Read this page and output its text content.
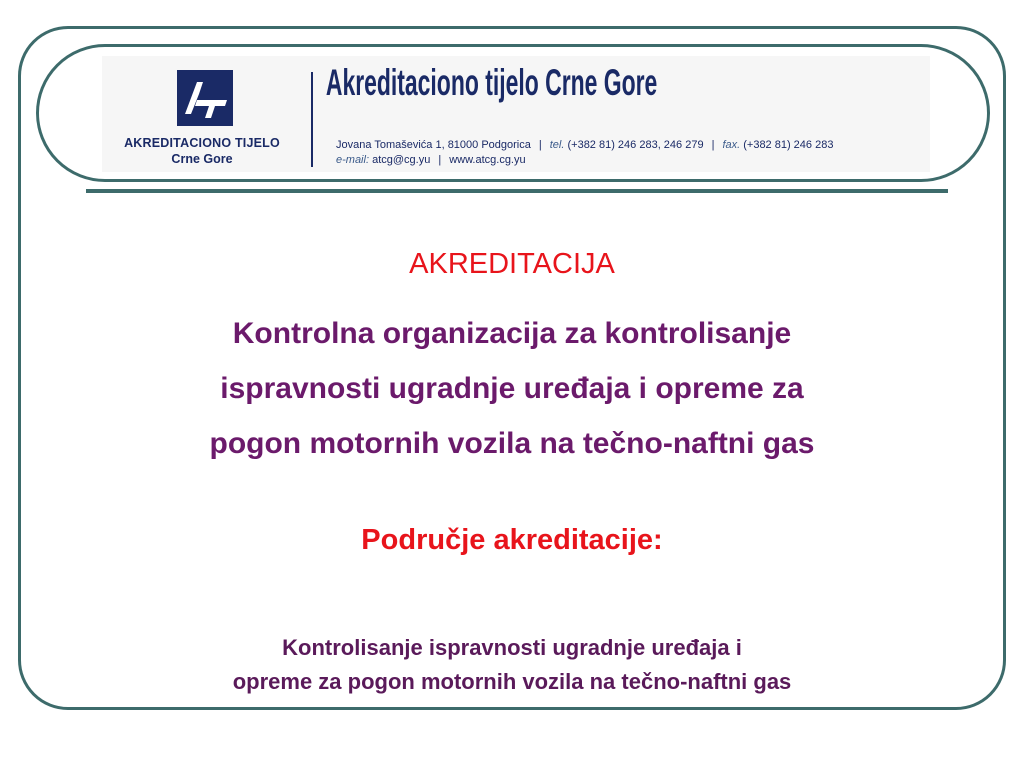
AKREDITACIONO TIJELO
Crne Gore
Akreditaciono tijelo Crne Gore
Jovana Tomaševića 1, 81000 Podgorica | tel. (+382 81) 246 283, 246 279 | fax. (+382 81) 246 283
e-mail: atcg@cg.yu | www.atcg.cg.yu
AKREDITACIJA
Kontrolna organizacija za kontrolisanje
ispravnosti ugradnje uređaja i opreme za
pogon motornih vozila na tečno-naftni gas
Područje akreditacije:
Kontrolisanje ispravnosti ugradnje uređaja i
opreme za pogon motornih vozila na tečno-naftni gas
